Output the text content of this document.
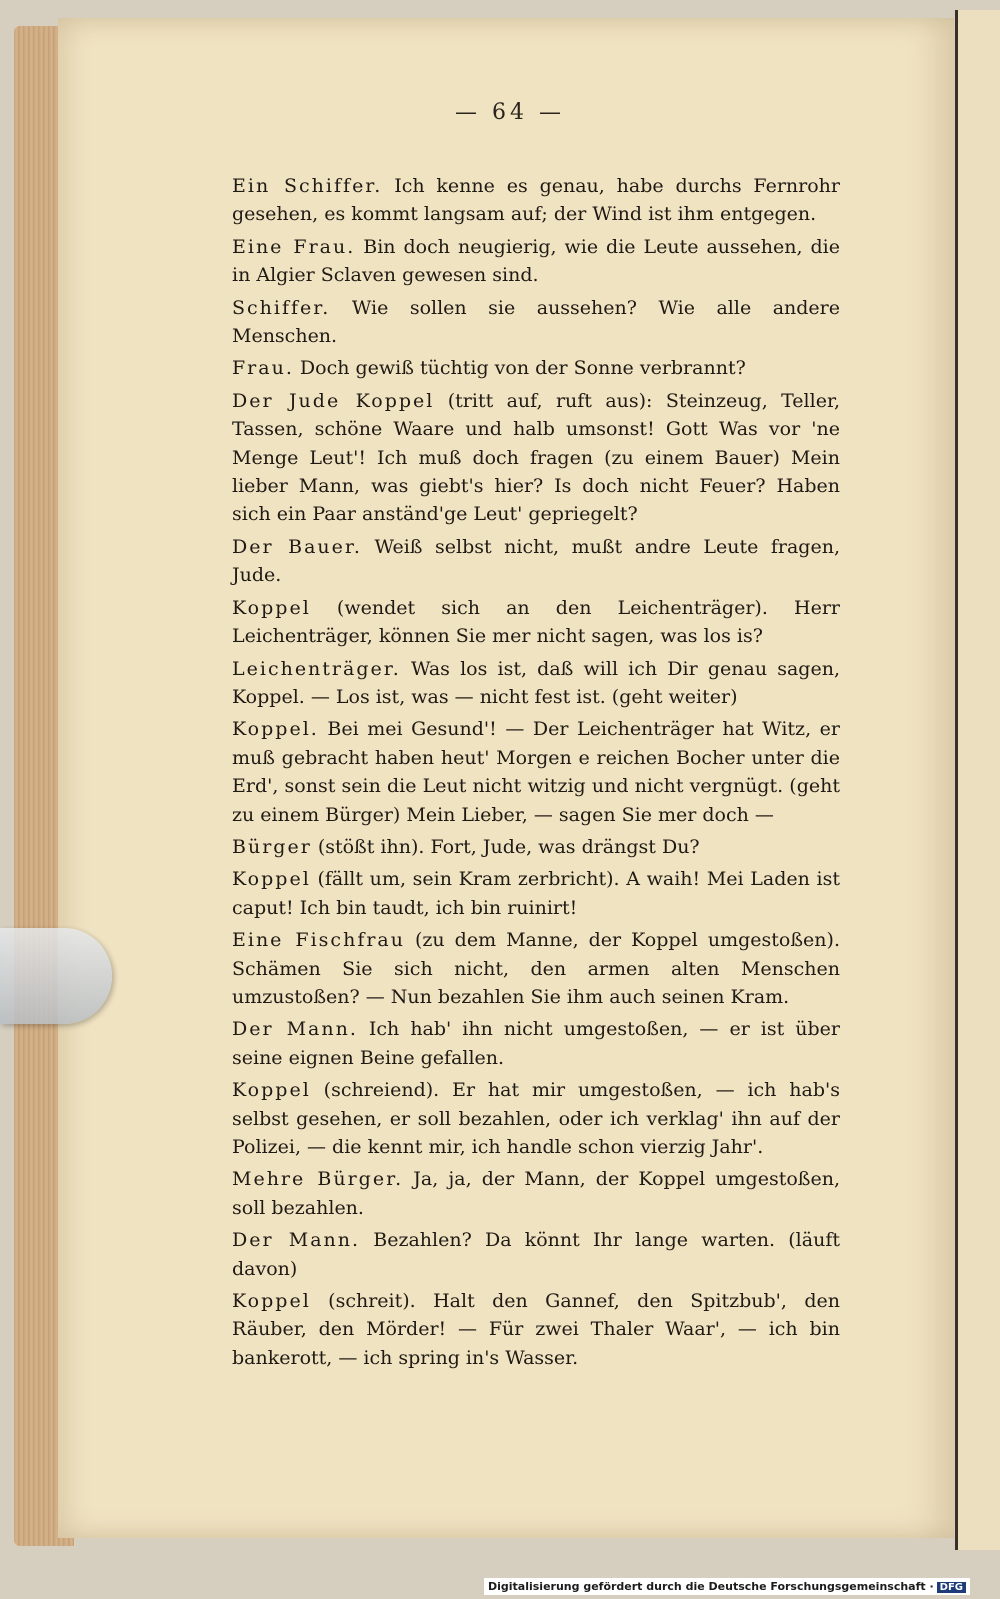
— 64 —

Ein Schiffer. Ich kenne es genau, habe durchs Fernrohr gesehen, es kommt langsam auf; der Wind ist ihm entgegen.

Eine Frau. Bin doch neugierig, wie die Leute aussehen, die in Algier Sclaven gewesen sind.

Schiffer. Wie sollen sie aussehen? Wie alle andere Menschen.

Frau. Doch gewiß tüchtig von der Sonne verbrannt?

Der Jude Koppel (tritt auf, ruft aus): Steinzeug, Teller, Tassen, schöne Waare und halb umsonst! Gott Was vor 'ne Menge Leut'! Ich muß doch fragen (zu einem Bauer) Mein lieber Mann, was giebt's hier? Is doch nicht Feuer? Haben sich ein Paar anständ'ge Leut' gepriegelt?

Der Bauer. Weiß selbst nicht, mußt andre Leute fragen, Jude.

Koppel (wendet sich an den Leichenträger). Herr Leichenträger, können Sie mer nicht sagen, was los is?

Leichenträger. Was los ist, daß will ich Dir genau sagen, Koppel. — Los ist, was — nicht fest ist. (geht weiter)

Koppel. Bei mei Gesund'! — Der Leichenträger hat Witz, er muß gebracht haben heut' Morgen e reichen Bocher unter die Erd', sonst sein die Leut nicht witzig und nicht vergnügt. (geht zu einem Bürger) Mein Lieber, — sagen Sie mer doch —

Bürger (stößt ihn). Fort, Jude, was drängst Du?

Koppel (fällt um, sein Kram zerbricht). A waih! Mei Laden ist caput! Ich bin taudt, ich bin ruinirt!

Eine Fischfrau (zu dem Manne, der Koppel umgestoßen). Schämen Sie sich nicht, den armen alten Menschen umzustoßen? — Nun bezahlen Sie ihm auch seinen Kram.

Der Mann. Ich hab' ihn nicht umgestoßen, — er ist über seine eignen Beine gefallen.

Koppel (schreiend). Er hat mir umgestoßen, — ich hab's selbst gesehen, er soll bezahlen, oder ich verklag' ihn auf der Polizei, — die kennt mir, ich handle schon vierzig Jahr'.

Mehre Bürger. Ja, ja, der Mann, der Koppel umgestoßen, soll bezahlen.

Der Mann. Bezahlen? Da könnt Ihr lange warten. (läuft davon)

Koppel (schreit). Halt den Gannef, den Spitzbub', den Räuber, den Mörder! — Für zwei Thaler Waar', — ich bin bankerott, — ich spring in's Wasser.

Digitalisierung gefördert durch die Deutsche Forschungsgemeinschaft · DFG
